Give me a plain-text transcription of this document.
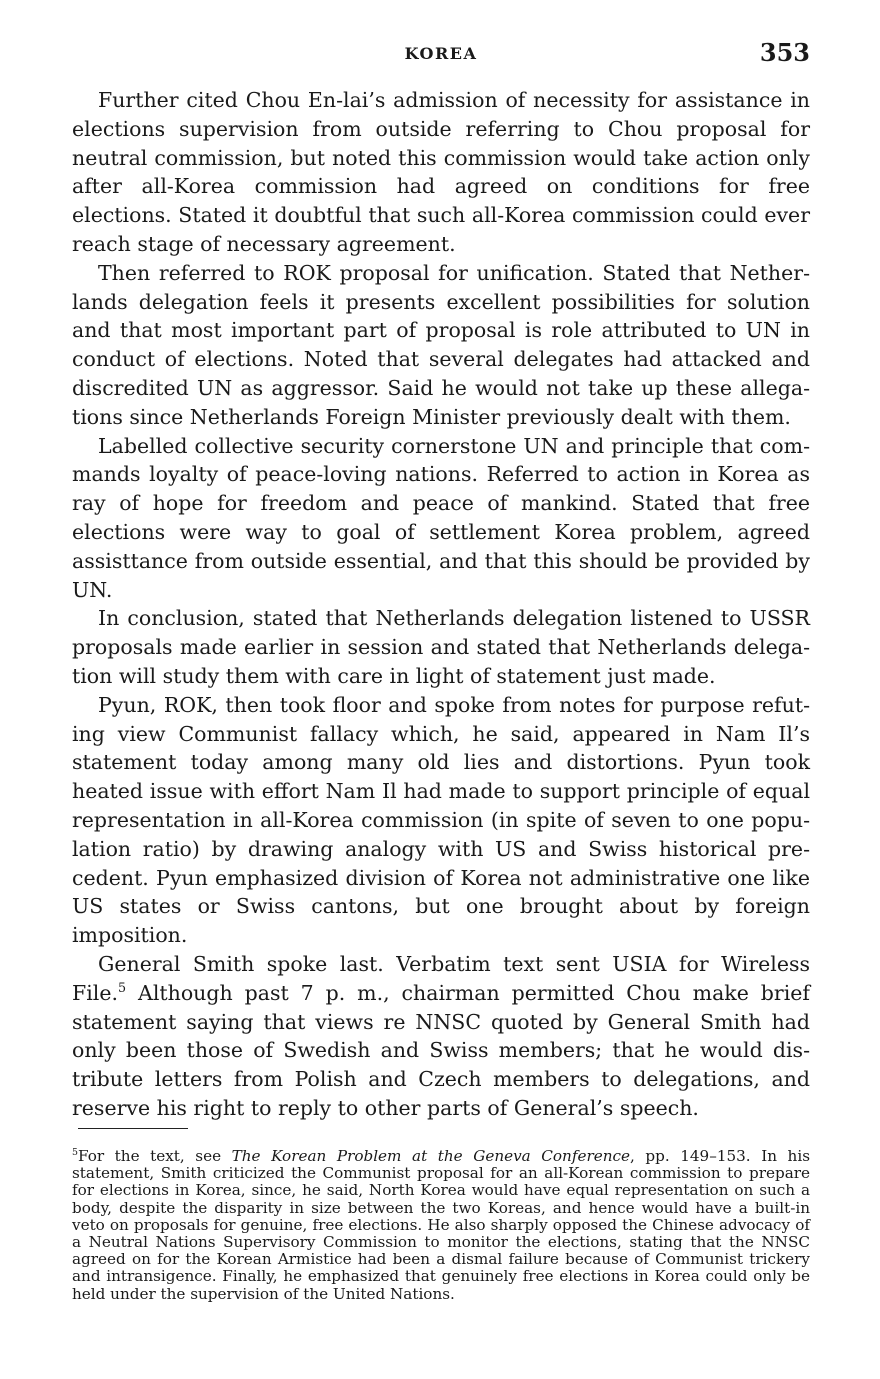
KOREA	353

Further cited Chou En-lai’s admission of necessity for assistance in elections supervision from outside referring to Chou proposal for neutral commission, but noted this commission would take action only after all-Korea commission had agreed on conditions for free elections. Stated it doubtful that such all-Korea commission could ever reach stage of necessary agreement.

Then referred to ROK proposal for unification. Stated that Netherlands delegation feels it presents excellent possibilities for solution and that most important part of proposal is role attributed to UN in conduct of elections. Noted that several delegates had attacked and discredited UN as aggressor. Said he would not take up these allegations since Netherlands Foreign Minister previously dealt with them.

Labelled collective security cornerstone UN and principle that commands loyalty of peace-loving nations. Referred to action in Korea as ray of hope for freedom and peace of mankind. Stated that free elections were way to goal of settlement Korea problem, agreed assisttance from outside essential, and that this should be provided by UN.

In conclusion, stated that Netherlands delegation listened to USSR proposals made earlier in session and stated that Netherlands delegation will study them with care in light of statement just made.

Pyun, ROK, then took floor and spoke from notes for purpose refuting view Communist fallacy which, he said, appeared in Nam Il’s statement today among many old lies and distortions. Pyun took heated issue with effort Nam Il had made to support principle of equal representation in all-Korea commission (in spite of seven to one population ratio) by drawing analogy with US and Swiss historical precedent. Pyun emphasized division of Korea not administrative one like US states or Swiss cantons, but one brought about by foreign imposition.

General Smith spoke last. Verbatim text sent USIA for Wireless File.$^5$ Although past 7 p. m., chairman permitted Chou make brief statement saying that views re NNSC quoted by General Smith had only been those of Swedish and Swiss members; that he would distribute letters from Polish and Czech members to delegations, and reserve his right to reply to other parts of General’s speech.

$^5$For the text, see The Korean Problem at the Geneva Conference, pp. 149–153. In his statement, Smith criticized the Communist proposal for an all-Korean commission to prepare for elections in Korea, since, he said, North Korea would have equal representation on such a body, despite the disparity in size between the two Koreas, and hence would have a built-in veto on proposals for genuine, free elections. He also sharply opposed the Chinese advocacy of a Neutral Nations Supervisory Commission to monitor the elections, stating that the NNSC agreed on for the Korean Armistice had been a dismal failure because of Communist trickery and intransigence. Finally, he emphasized that genuinely free elections in Korea could only be held under the supervision of the United Nations.
